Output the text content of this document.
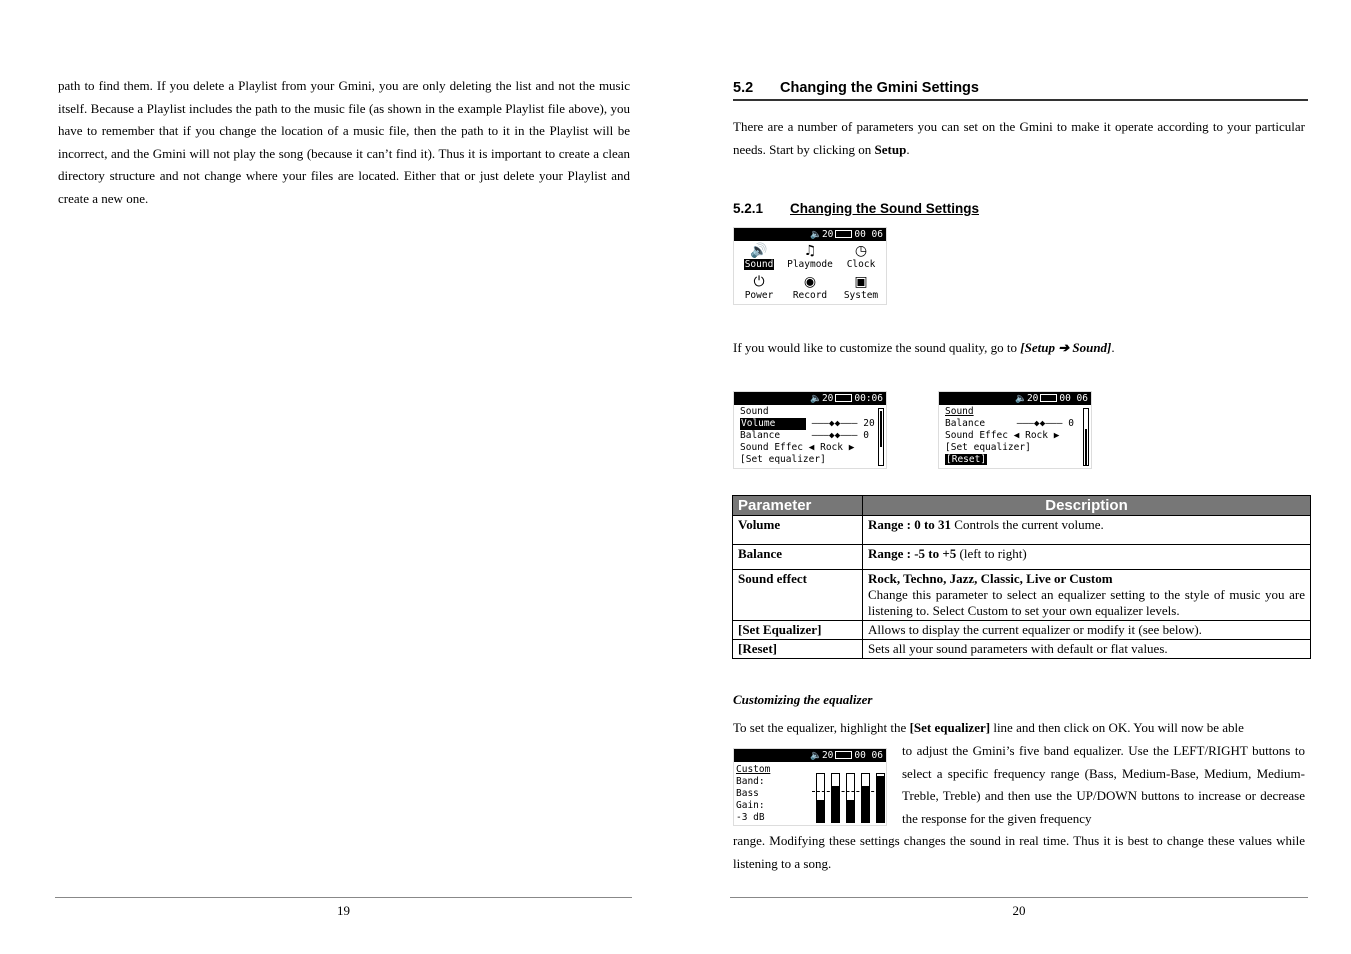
path to find them. If you delete a Playlist from your Gmini, you are only deleting the list and not the music itself. Because a Playlist includes the path to the music file (as shown in the example Playlist file above), you have to remember that if you change the location of a music file, then the path to it in the Playlist will be incorrect, and the Gmini will not play the song (because it can’t find it). Thus it is important to create a clean directory structure and not change where your files are located. Either that or just delete your Playlist and create a new one.

19
5.2 Changing the Gmini Settings

There are a number of parameters you can set on the Gmini to make it operate according to your particular needs. Start by clicking on Setup.

5.2.1 Changing the Sound Settings

If you would like to customize the sound quality, go to [Setup ➔ Sound].

Customizing the equalizer

To set the equalizer, highlight the [Set equalizer] line and then click on OK. You will now be able

to adjust the Gmini’s five band equalizer. Use the LEFT/RIGHT buttons to select a specific frequency range (Bass, Medium-Base, Medium, Medium-Treble, Treble) and then use the UP/DOWN buttons to increase or decrease the response for the given frequency

range. Modifying these settings changes the sound in real time. Thus it is best to change these values while listening to a song.

20
🔈20 00 06
🔊
Sound
♫
Playmode
◷
Clock
⏻
Power
◉
Record
▣
System
🔈20 00:06
Sound
Volume	———◆◆——— 20
Balance	———◆◆——— 0
Sound Effec ◀ Rock ▶
[Set equalizer]
🔈20 00 06
Sound
Balance	———◆◆——— 0
Sound Effec ◀ Rock ▶
[Set equalizer]
[Reset]
Parameter	Description
Volume	Range : 0 to 31 Controls the current volume.
Balance	Range : -5 to +5 (left to right)
Sound effect	Rock, Techno, Jazz, Classic, Live or Custom
Change this parameter to select an equalizer setting to the style of music you are listening to. Select Custom to set your own equalizer levels.
[Set Equalizer]	Allows to display the current equalizer or modify it (see below).
[Reset]	Sets all your sound parameters with default or flat values.
🔈20 00 06
Custom
Band:
Bass
Gain:
-3 dB
